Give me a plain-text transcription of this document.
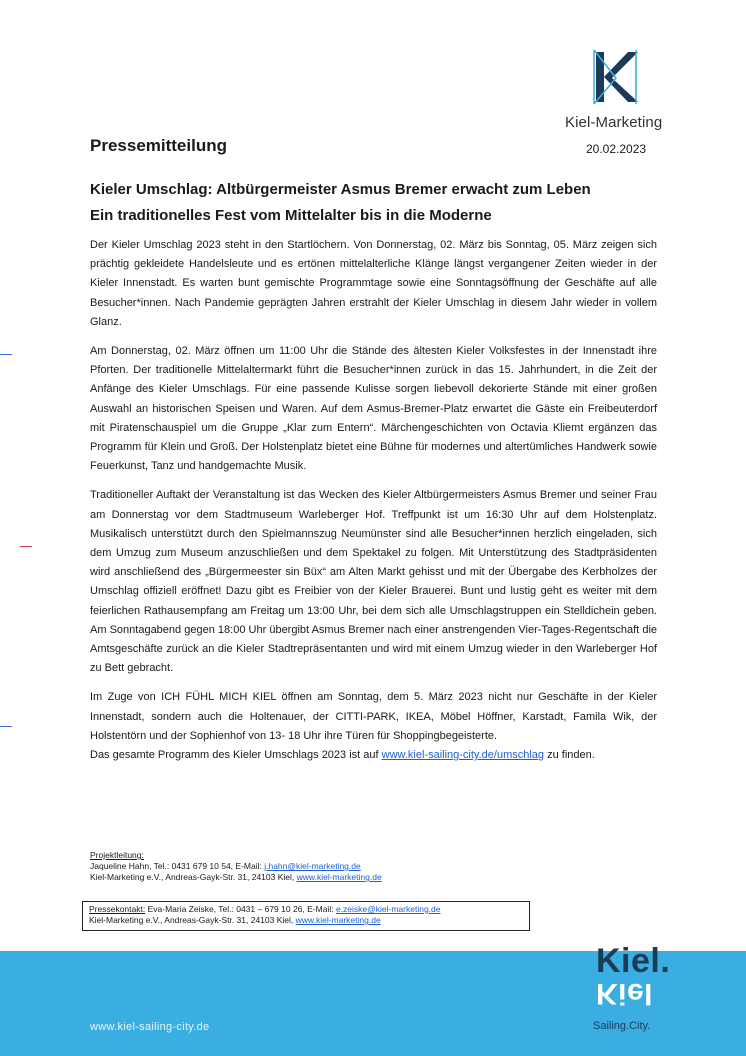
Kiel-Marketing
Pressemitteilung	20.02.2023
Kieler Umschlag: Altbürgermeister Asmus Bremer erwacht zum Leben
Ein traditionelles Fest vom Mittelalter bis in die Moderne

Der Kieler Umschlag 2023 steht in den Startlöchern. Von Donnerstag, 02. März bis Sonntag, 05. März zeigen sich prächtig gekleidete Handelsleute und es ertönen mittelalterliche Klänge längst vergangener Zeiten wieder in der Kieler Innenstadt. Es warten bunt gemischte Programmtage sowie eine Sonntagsöffnung der Geschäfte auf alle Besucher*innen. Nach Pandemie geprägten Jahren erstrahlt der Kieler Umschlag in diesem Jahr wieder in vollem Glanz.

Am Donnerstag, 02. März öffnen um 11:00 Uhr die Stände des ältesten Kieler Volksfestes in der Innenstadt ihre Pforten. Der traditionelle Mittelaltermarkt führt die Besucher*innen zurück in das 15. Jahrhundert, in die Zeit der Anfänge des Kieler Umschlags. Für eine passende Kulisse sorgen liebevoll dekorierte Stände mit einer großen Auswahl an historischen Speisen und Waren. Auf dem Asmus-Bremer-Platz erwartet die Gäste ein Freibeuterdorf mit Piratenschauspiel um die Gruppe „Klar zum Entern“. Märchengeschichten von Octavia Kliemt ergänzen das Programm für Klein und Groß. Der Holstenplatz bietet eine Bühne für modernes und altertümliches Handwerk sowie Feuerkunst, Tanz und handgemachte Musik.

Traditioneller Auftakt der Veranstaltung ist das Wecken des Kieler Altbürgermeisters Asmus Bremer und seiner Frau am Donnerstag vor dem Stadtmuseum Warleberger Hof. Treffpunkt ist um 16:30 Uhr auf dem Holstenplatz. Musikalisch unterstützt durch den Spielmannszug Neumünster sind alle Besucher*innen herzlich eingeladen, sich dem Umzug zum Museum anzuschließen und dem Spektakel zu folgen. Mit Unterstützung des Stadtpräsidenten wird anschließend des „Bürgermeester sin Büx“ am Alten Markt gehisst und mit der Übergabe des Kerbholzes der Umschlag offiziell eröffnet! Dazu gibt es Freibier von der Kieler Brauerei. Bunt und lustig geht es weiter mit dem feierlichen Rathausempfang am Freitag um 13:00 Uhr, bei dem sich alle Umschlagstruppen ein Stelldichein geben. Am Sonntagabend gegen 18:00 Uhr übergibt Asmus Bremer nach einer anstrengenden Vier-Tages-Regentschaft die Amtsgeschäfte zurück an die Kieler Stadtrepräsentanten und wird mit einem Umzug wieder in den Warleberger Hof zu Bett gebracht.

Im Zuge von ICH FÜHL MICH KIEL öffnen am Sonntag, dem 5. März 2023 nicht nur Geschäfte in der Kieler Innenstadt, sondern auch die Holtenauer, der CITTI-PARK, IKEA, Möbel Höffner, Karstadt, Famila Wik, der Holstentörn und der Sophienhof von 13- 18 Uhr ihre Türen für Shoppingbegeisterte.

Das gesamte Programm des Kieler Umschlags 2023 ist auf www.kiel-sailing-city.de/umschlag zu finden.

Projektleitung:
Jaqueline Hahn, Tel.: 0431 679 10 54, E-Mail: j.hahn@kiel-marketing.de
Kiel-Marketing e.V., Andreas-Gayk-Str. 31, 24103 Kiel, www.kiel-marketing.de
Pressekontakt: Eva-Maria Zeiske, Tel.: 0431 – 679 10 26, E-Mail: e.zeiske@kiel-marketing.de
Kiel-Marketing e.V., Andreas-Gayk-Str. 31, 24103 Kiel, www.kiel-marketing.de
www.kiel-sailing-city.de
Kiel.
Kiel
Sailing.City.
